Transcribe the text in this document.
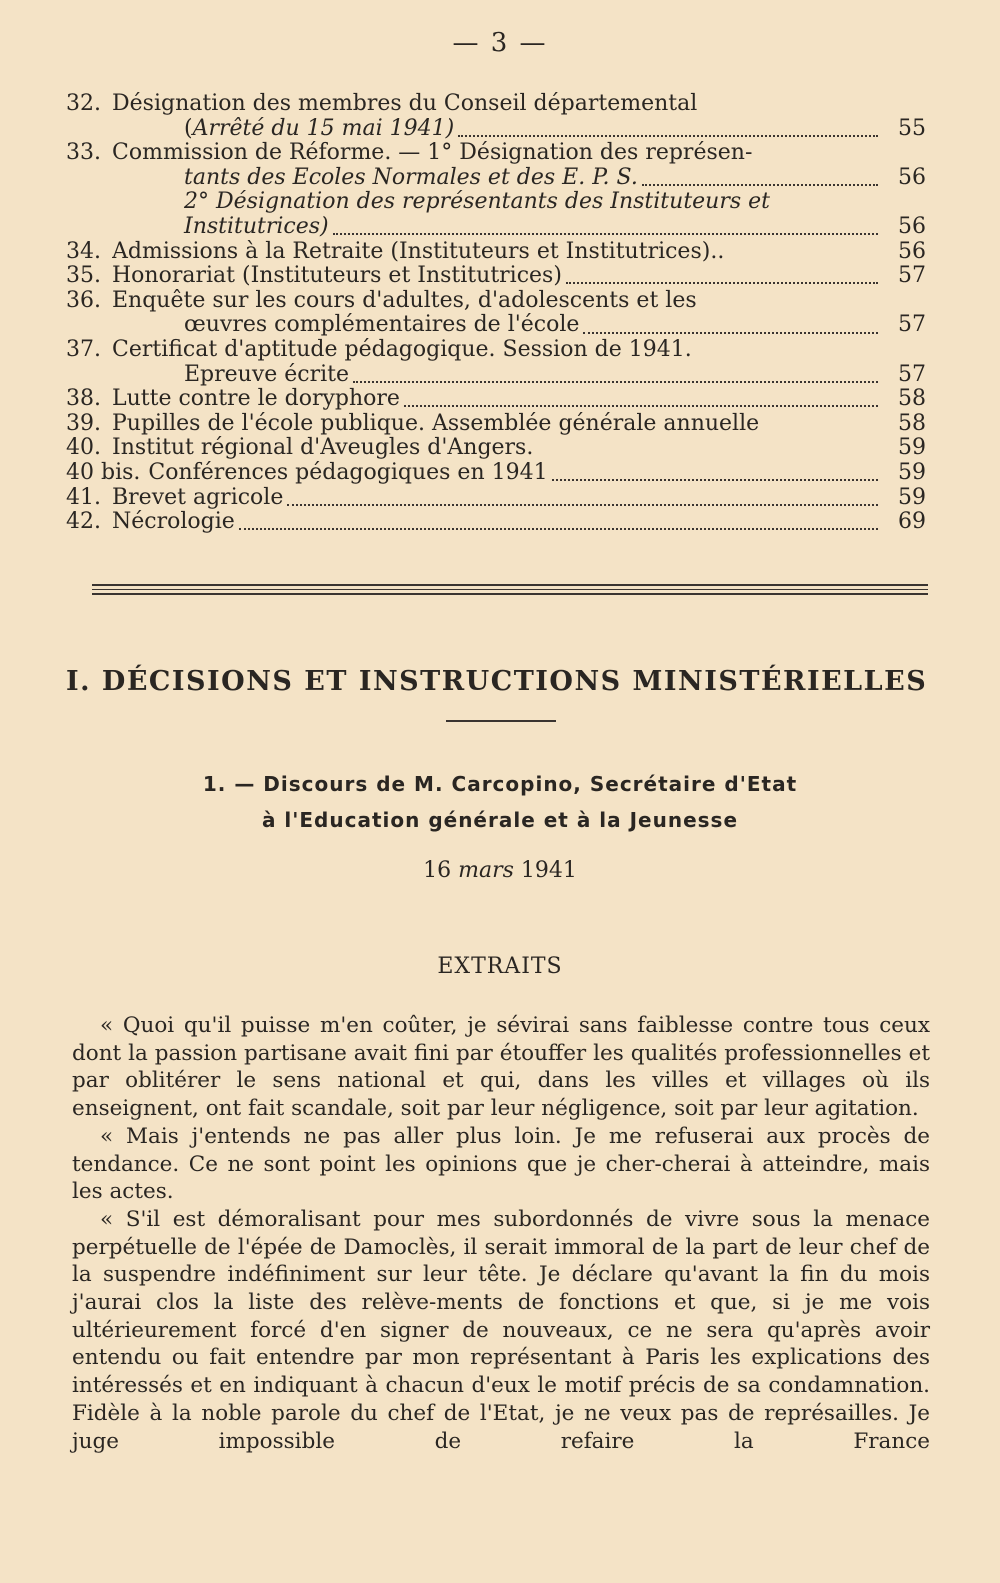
— 3 —
32. Désignation des membres du Conseil départemental
(Arrêté du 15 mai 1941)	55
33. Commission de Réforme. — 1° Désignation des représen-
tants des Ecoles Normales et des E. P. S.	56
2° Désignation des représentants des Instituteurs et
Institutrices)	56
34. Admissions à la Retraite (Instituteurs et Institutrices)..	56
35. Honorariat (Instituteurs et Institutrices)	57
36. Enquête sur les cours d'adultes, d'adolescents et les
œuvres complémentaires de l'école	57
37. Certificat d'aptitude pédagogique. Session de 1941.
Epreuve écrite	57
38. Lutte contre le doryphore	58
39. Pupilles de l'école publique. Assemblée générale annuelle	58
40. Institut régional d'Aveugles d'Angers.	59
40 bis. Conférences pédagogiques en 1941	59
41. Brevet agricole	59
42. Nécrologie	69
I. DÉCISIONS ET INSTRUCTIONS MINISTÉRIELLES
1. — Discours de M. Carcopino, Secrétaire d'Etat
à l'Education générale et à la Jeunesse
16 mars 1941
EXTRAITS

« Quoi qu'il puisse m'en coûter, je sévirai sans faiblesse contre tous ceux dont la passion partisane avait fini par étouffer les qualités professionnelles et par oblitérer le sens national et qui, dans les villes et villages où ils enseignent, ont fait scandale, soit par leur négligence, soit par leur agitation.

« Mais j'entends ne pas aller plus loin. Je me refuserai aux procès de tendance. Ce ne sont point les opinions que je cher-cherai à atteindre, mais les actes.

« S'il est démoralisant pour mes subordonnés de vivre sous la menace perpétuelle de l'épée de Damoclès, il serait immoral de la part de leur chef de la suspendre indéfiniment sur leur tête. Je déclare qu'avant la fin du mois j'aurai clos la liste des relève-ments de fonctions et que, si je me vois ultérieurement forcé d'en signer de nouveaux, ce ne sera qu'après avoir entendu ou fait entendre par mon représentant à Paris les explications des intéressés et en indiquant à chacun d'eux le motif précis de sa condamnation. Fidèle à la noble parole du chef de l'Etat, je ne veux pas de représailles. Je juge impossible de refaire la France
